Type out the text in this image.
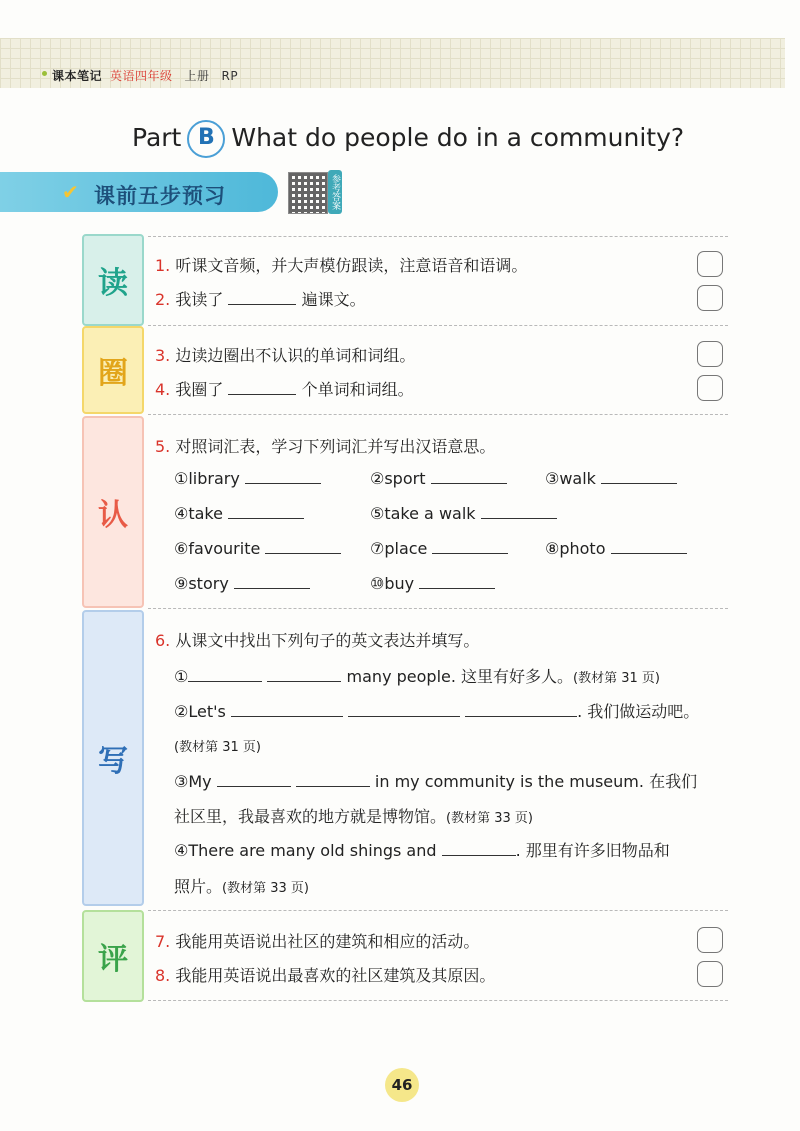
课本笔记 英语四年级 上册 RP
Part B What do people do in a community?
✔ 课前五步预习	参考答案
读
圈
认
写
评
1. 听课文音频，并大声模仿跟读，注意语音和语调。
2. 我读了	遍课文。
3. 边读边圈出不认识的单词和词组。
4. 我圈了	个单词和词组。
5. 对照词汇表，学习下列词汇并写出汉语意思。
①library	②sport	③walk
④take	⑤take a walk
⑥favourite	⑦place	⑧photo
⑨story	⑩buy
6. 从课文中找出下列句子的英文表达并填写。
①	many people. 这里有好多人。(教材第 31 页)
②Let's	. 我们做运动吧。
(教材第 31 页)
③My	in my community is the museum. 在我们
社区里，我最喜欢的地方就是博物馆。(教材第 33 页)
④There are many old shings and	. 那里有许多旧物品和
照片。(教材第 33 页)
7. 我能用英语说出社区的建筑和相应的活动。
8. 我能用英语说出最喜欢的社区建筑及其原因。
46
